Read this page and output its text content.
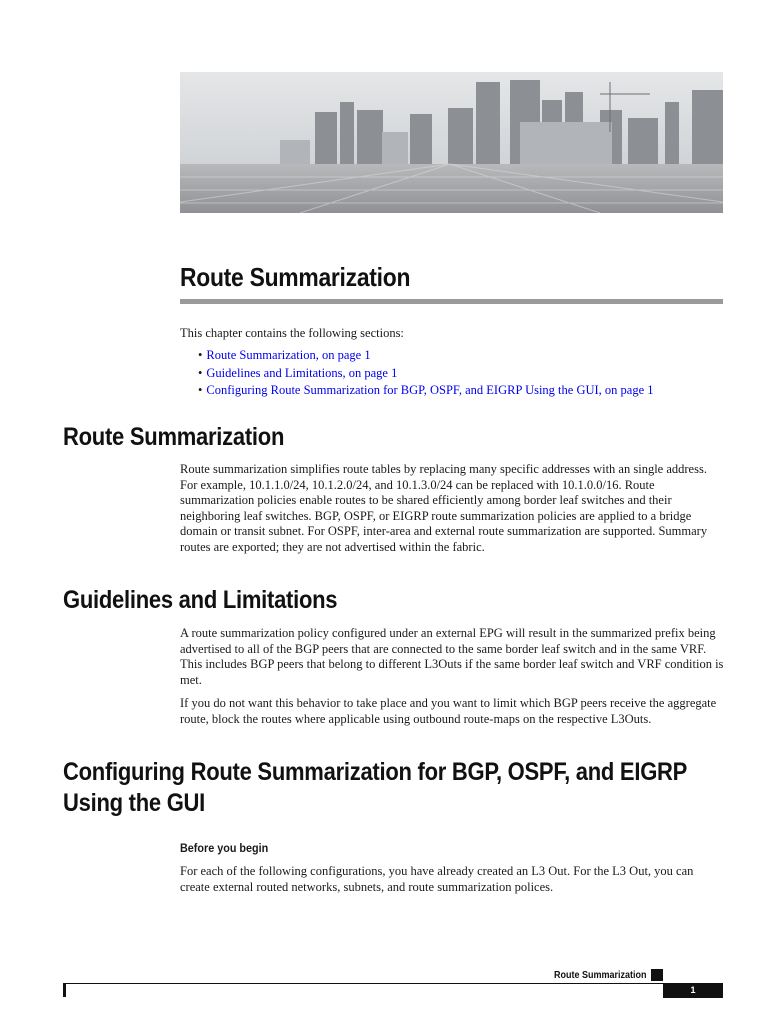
Route Summarization

This chapter contains the following sections:

• Route Summarization, on page 1
• Guidelines and Limitations, on page 1
• Configuring Route Summarization for BGP, OSPF, and EIGRP Using the GUI, on page 1
Route Summarization

Route summarization simplifies route tables by replacing many specific addresses with an single address. For example, 10.1.1.0/24, 10.1.2.0/24, and 10.1.3.0/24 can be replaced with 10.1.0.0/16. Route summarization policies enable routes to be shared efficiently among border leaf switches and their neighboring leaf switches. BGP, OSPF, or EIGRP route summarization policies are applied to a bridge domain or transit subnet. For OSPF, inter-area and external route summarization are supported. Summary routes are exported; they are not advertised within the fabric.

Guidelines and Limitations

A route summarization policy configured under an external EPG will result in the summarized prefix being advertised to all of the BGP peers that are connected to the same border leaf switch and in the same VRF. This includes BGP peers that belong to different L3Outs if the same border leaf switch and VRF condition is met.

If you do not want this behavior to take place and you want to limit which BGP peers receive the aggregate route, block the routes where applicable using outbound route-maps on the respective L3Outs.

Configuring Route Summarization for BGP, OSPF, and EIGRP
Using the GUI
Before you begin

For each of the following configurations, you have already created an L3 Out. For the L3 Out, you can create external routed networks, subnets, and route summarization polices.

Route Summarization
1
